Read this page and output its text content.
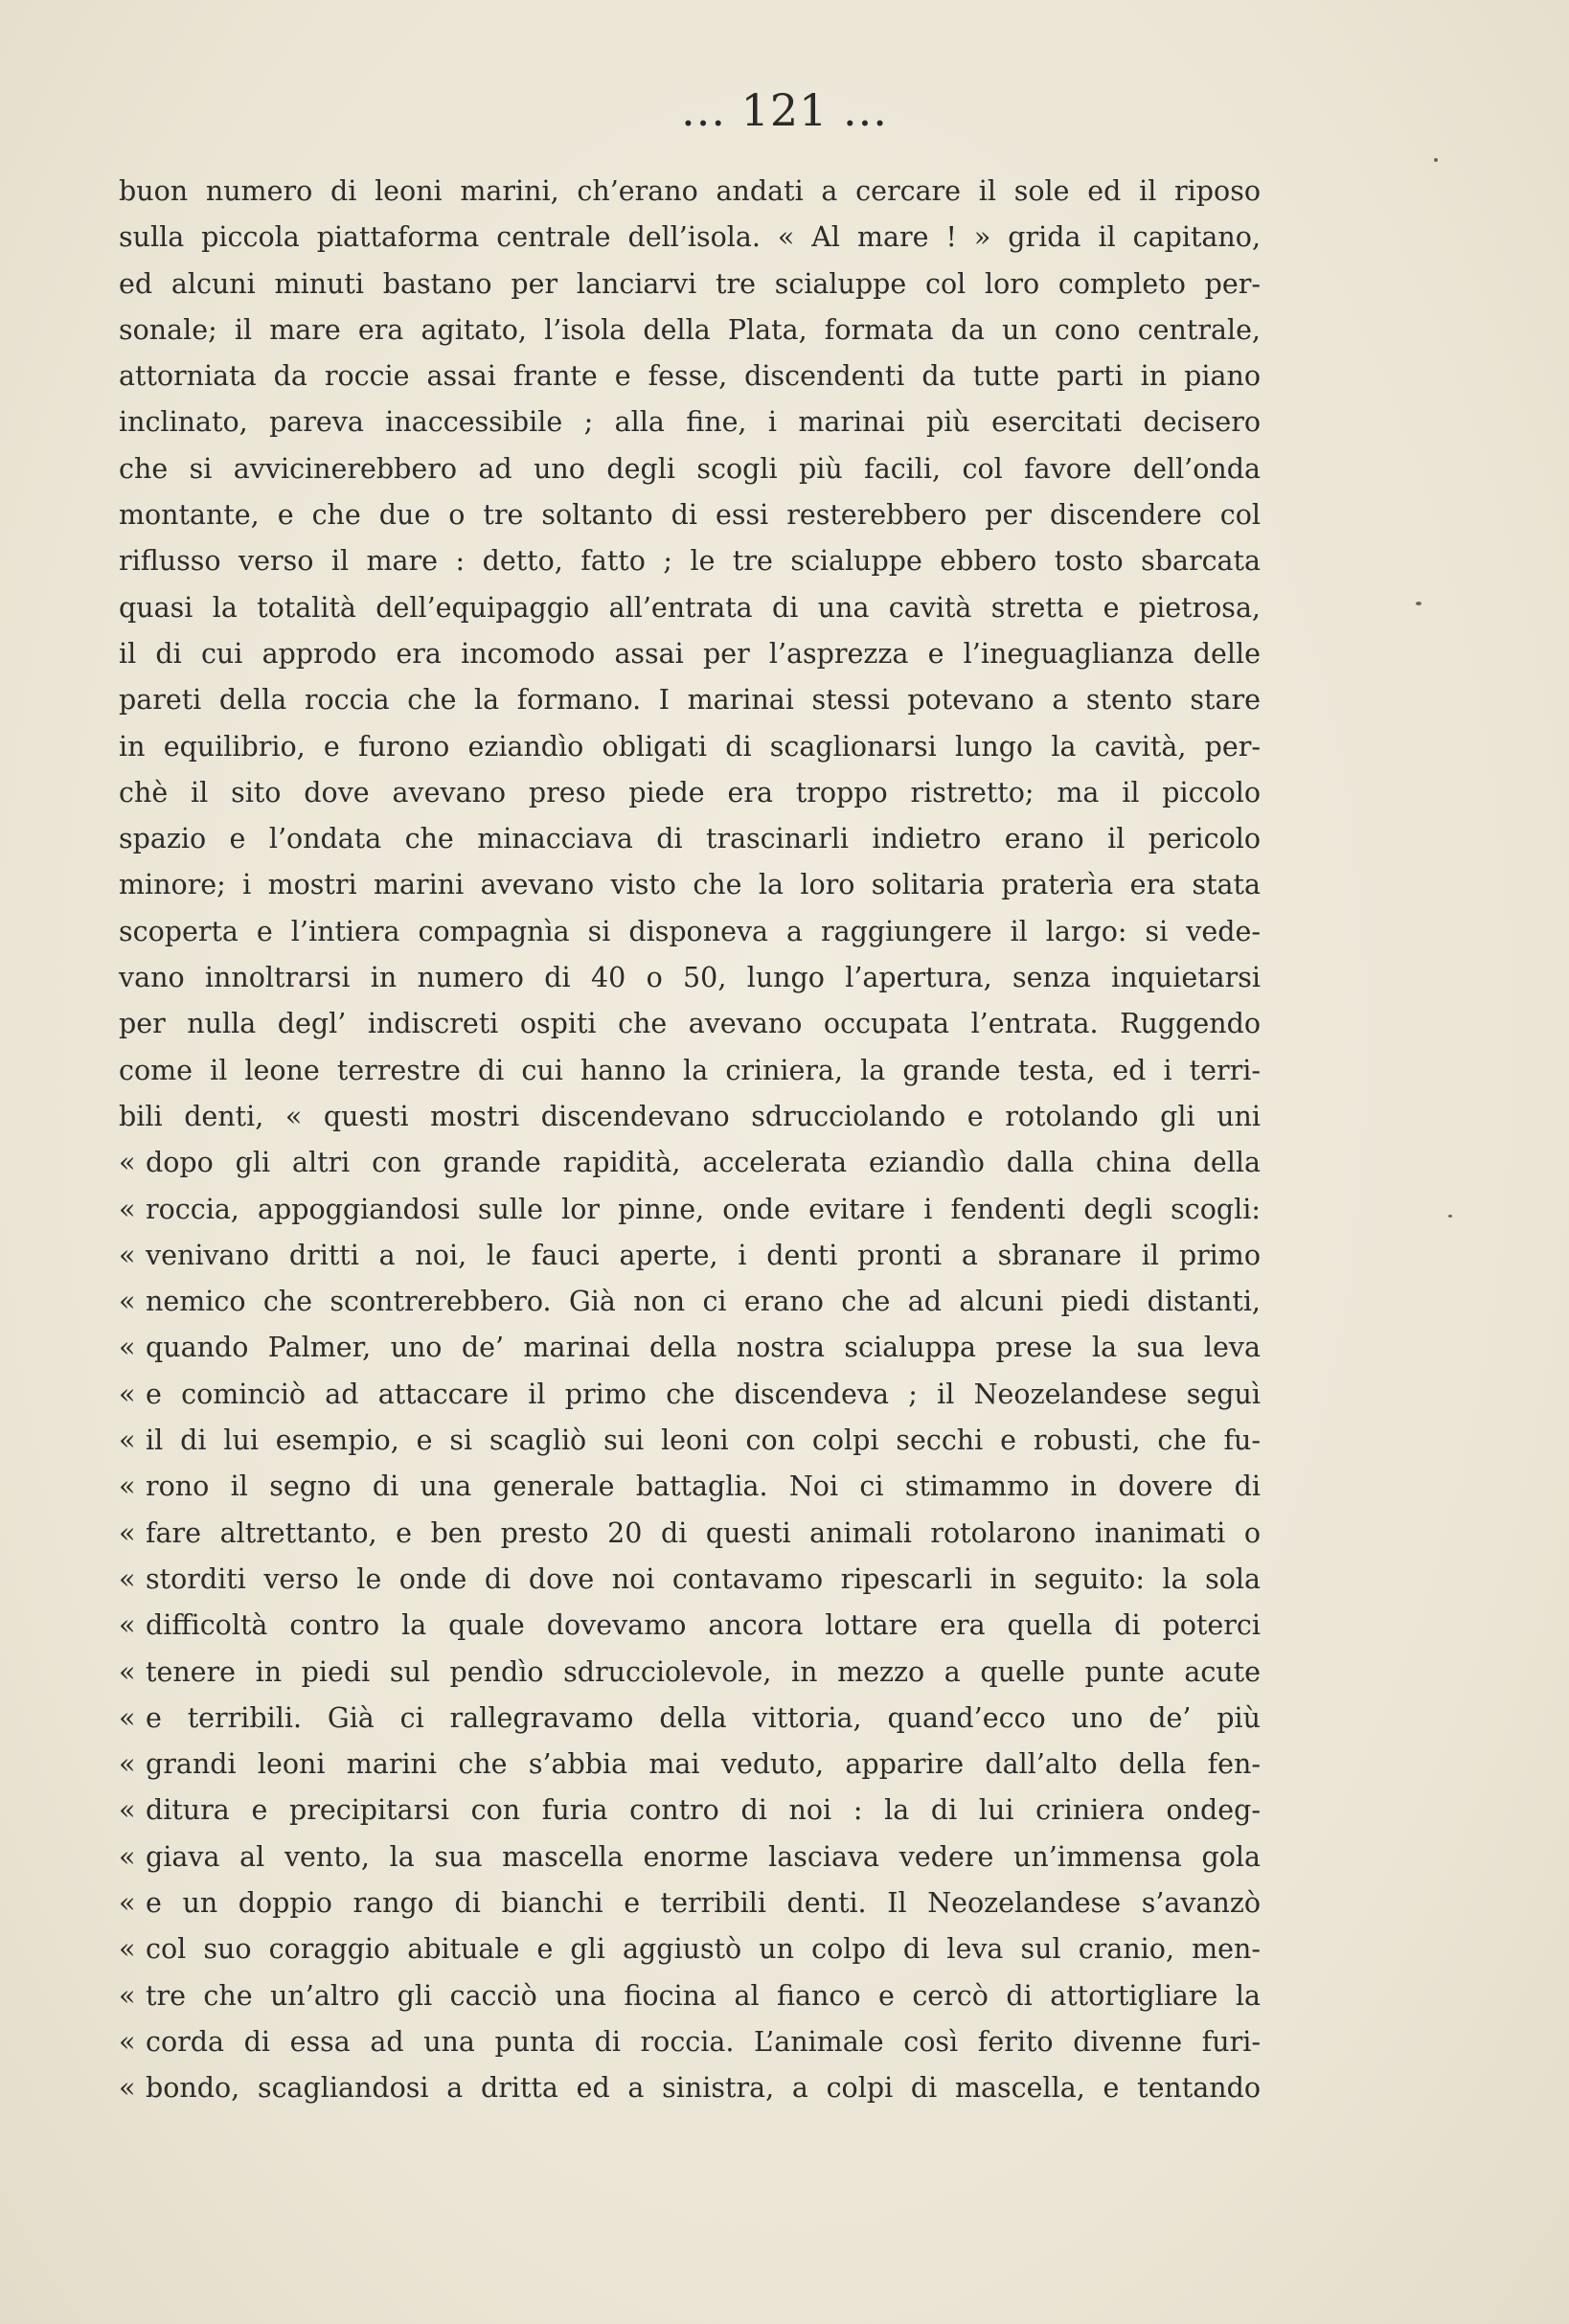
... 121 ...
buon numero di leoni marini, ch’erano andati a cercare il sole ed il riposo
sulla piccola piattaforma centrale dell’isola. « Al mare ! » grida il capitano,
ed alcuni minuti bastano per lanciarvi tre scialuppe col loro completo per-
sonale; il mare era agitato, l’isola della Plata, formata da un cono centrale,
attorniata da roccie assai frante e fesse, discendenti da tutte parti in piano
inclinato, pareva inaccessibile ; alla fine, i marinai più esercitati decisero
che si avvicinerebbero ad uno degli scogli più facili, col favore dell’onda
montante, e che due o tre soltanto di essi resterebbero per discendere col
riflusso verso il mare : detto, fatto ; le tre scialuppe ebbero tosto sbarcata
quasi la totalità dell’equipaggio all’entrata di una cavità stretta e pietrosa,
il di cui approdo era incomodo assai per l’asprezza e l’ineguaglianza delle
pareti della roccia che la formano. I marinai stessi potevano a stento stare
in equilibrio, e furono eziandìo obligati di scaglionarsi lungo la cavità, per-
chè il sito dove avevano preso piede era troppo ristretto; ma il piccolo
spazio e l’ondata che minacciava di trascinarli indietro erano il pericolo
minore; i mostri marini avevano visto che la loro solitaria praterìa era stata
scoperta e l’intiera compagnìa si disponeva a raggiungere il largo: si vede-
vano innoltrarsi in numero di 40 o 50, lungo l’apertura, senza inquietarsi
per nulla degl’ indiscreti ospiti che avevano occupata l’entrata. Ruggendo
come il leone terrestre di cui hanno la criniera, la grande testa, ed i terri-
bili denti, « questi mostri discendevano sdrucciolando e rotolando gli uni
« dopo gli altri con grande rapidità, accelerata eziandìo dalla china della
« roccia, appoggiandosi sulle lor pinne, onde evitare i fendenti degli scogli:
« venivano dritti a noi, le fauci aperte, i denti pronti a sbranare il primo
« nemico che scontrerebbero. Già non ci erano che ad alcuni piedi distanti,
« quando Palmer, uno de’ marinai della nostra scialuppa prese la sua leva
« e cominciò ad attaccare il primo che discendeva ; il Neozelandese seguì
« il di lui esempio, e si scagliò sui leoni con colpi secchi e robusti, che fu-
« rono il segno di una generale battaglia. Noi ci stimammo in dovere di
« fare altrettanto, e ben presto 20 di questi animali rotolarono inanimati o
« storditi verso le onde di dove noi contavamo ripescarli in seguito: la sola
« difficoltà contro la quale dovevamo ancora lottare era quella di poterci
« tenere in piedi sul pendìo sdrucciolevole, in mezzo a quelle punte acute
« e terribili. Già ci rallegravamo della vittoria, quand’ecco uno de’ più
« grandi leoni marini che s’abbia mai veduto, apparire dall’alto della fen-
« ditura e precipitarsi con furia contro di noi : la di lui criniera ondeg-
« giava al vento, la sua mascella enorme lasciava vedere un’immensa gola
« e un doppio rango di bianchi e terribili denti. Il Neozelandese s’avanzò
« col suo coraggio abituale e gli aggiustò un colpo di leva sul cranio, men-
« tre che un’altro gli cacciò una fiocina al fianco e cercò di attortigliare la
« corda di essa ad una punta di roccia. L’animale così ferito divenne furi-
« bondo, scagliandosi a dritta ed a sinistra, a colpi di mascella, e tentando
